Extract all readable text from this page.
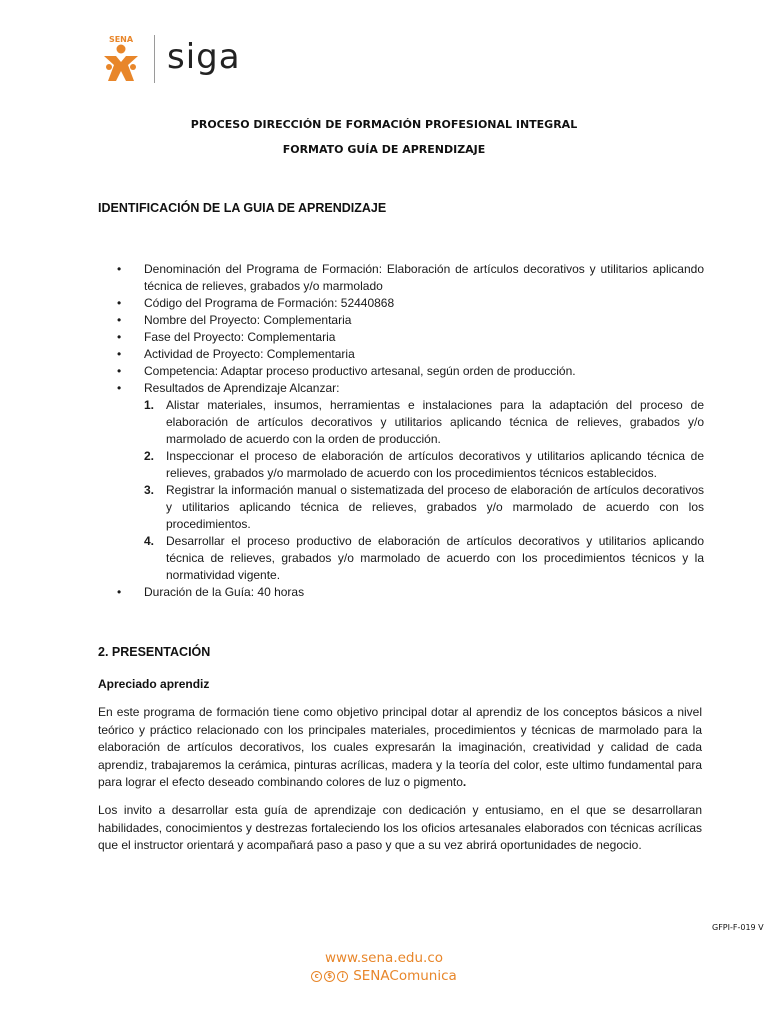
SENA siga
PROCESO DIRECCIÓN DE FORMACIÓN PROFESIONAL INTEGRAL
FORMATO GUÍA DE APRENDIZAJE
IDENTIFICACIÓN DE LA GUIA DE APRENDIZAJE
• Denominación del Programa de Formación: Elaboración de artículos decorativos y utilitarios aplicando técnica de relieves, grabados y/o marmolado
• Código del Programa de Formación: 52440868
• Nombre del Proyecto: Complementaria
• Fase del Proyecto: Complementaria
• Actividad de Proyecto: Complementaria
• Competencia: Adaptar proceso productivo artesanal, según orden de producción.
• Resultados de Aprendizaje Alcanzar:
1. Alistar materiales, insumos, herramientas e instalaciones para la adaptación del proceso de elaboración de artículos decorativos y utilitarios aplicando técnica de relieves, grabados y/o marmolado de acuerdo con la orden de producción.
2. Inspeccionar el proceso de elaboración de artículos decorativos y utilitarios aplicando técnica de relieves, grabados y/o marmolado de acuerdo con los procedimientos técnicos establecidos.
3. Registrar la información manual o sistematizada del proceso de elaboración de artículos decorativos y utilitarios aplicando técnica de relieves, grabados y/o marmolado de acuerdo con los procedimientos.
4. Desarrollar el proceso productivo de elaboración de artículos decorativos y utilitarios aplicando técnica de relieves, grabados y/o marmolado de acuerdo con los procedimientos técnicos y la normatividad vigente.
• Duración de la Guía: 40 horas
2. PRESENTACIÓN
Apreciado aprendiz
En este programa de formación tiene como objetivo principal dotar al aprendiz de los conceptos básicos a nivel teórico y práctico relacionado con los principales materiales, procedimientos y técnicas de marmolado para la elaboración de artículos decorativos, los cuales expresarán la imaginación, creatividad y calidad de cada aprendiz, trabajaremos la cerámica, pinturas acrílicas, madera y la teoría del color, este ultimo fundamental para para lograr el efecto deseado combinando colores de luz o pigmento.
Los invito a desarrollar esta guía de aprendizaje con dedicación y entusiamo, en el que se desarrollaran habilidades, conocimientos y destrezas fortaleciendo los los oficios artesanales elaborados con técnicas acrílicas que el instructor orientará y acompañará paso a paso y que a su vez abrirá oportunidades de negocio.
GFPI-F-019 V
www.sena.edu.co
c	$	i SENAComunica
